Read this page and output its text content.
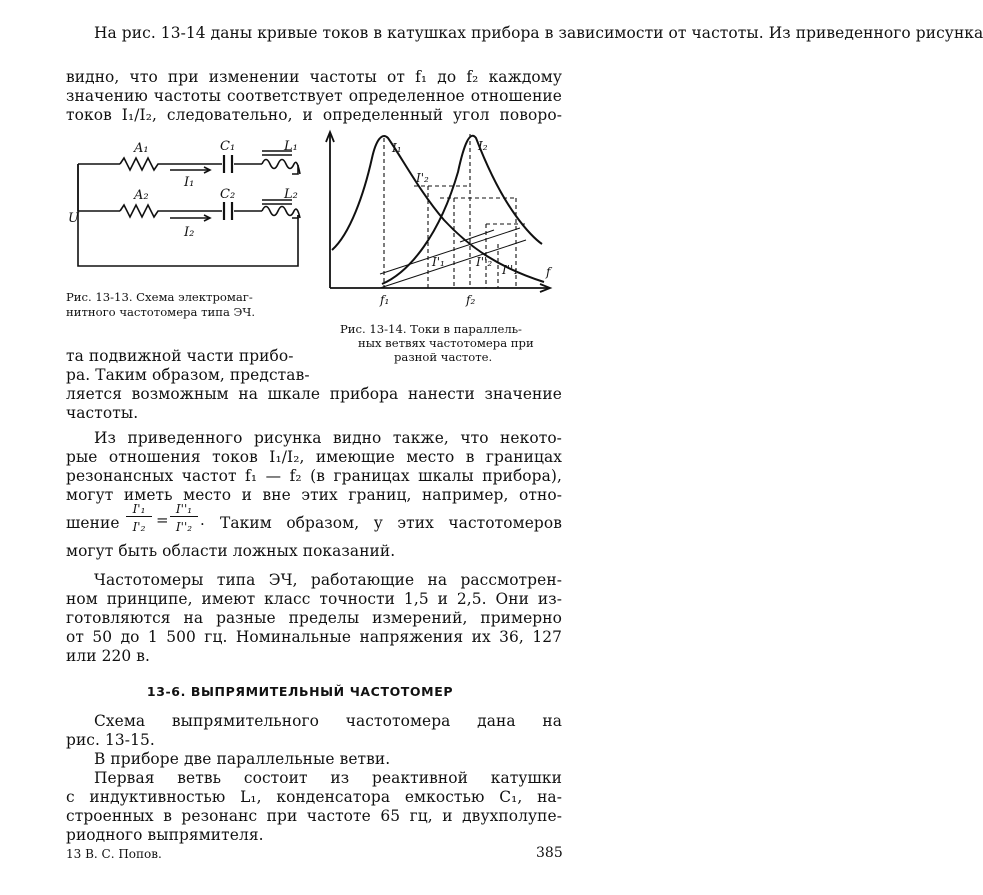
На рис. 13-14 даны кривые токов в катушках прибора в зависимости от частоты. Из приведенного рисунка
видно, что при изменении частоты от f₁ до f₂ каждому
значению частоты соответствует определенное отношение
токов I₁/I₂, следовательно, и определенный угол поворо-
A₁
A₂
C₁
C₂
L₁
L₂
I₁
I₂
U
Рис. 13-13. Схема электромаг-
нитного частотомера типа ЭЧ.
I₁	I₂
I'₂
I'₁	I''₂
I''₁ f
f₁	f₂
Рис. 13-14. Токи в параллель-
ных ветвях частотомера при
разной частоте.
та подвижной части прибо-
ра. Таким образом, представ-
ляется возможным на шкале прибора нанести значение
частоты.
Из приведенного рисунка видно также, что некото-
рые отношения токов I₁/I₂, имеющие место в границах
резонансных частот f₁ — f₂ (в границах шкалы прибора),
могут иметь место и вне этих границ, например, отно-
шение
I'₁
I'₂ =
I''₁
I''₂ . Таким образом, у этих частотомеров
могут быть области ложных показаний.
Частотомеры типа ЭЧ, работающие на рассмотрен-
ном принципе, имеют класс точности 1,5 и 2,5. Они из-
готовляются на разные пределы измерений, примерно
от 50 до 1 500 гц. Номинальные напряжения их 36, 127
или 220 в.
13-6. ВЫПРЯМИТЕЛЬНЫЙ ЧАСТОТОМЕР
Схема выпрямительного частотомера дана на
рис. 13-15.
В приборе две параллельные ветви.
Первая ветвь состоит из реактивной катушки
с индуктивностью L₁, конденсатора емкостью C₁, на-
строенных в резонанс при частоте 65 гц, и двухполупе-
риодного выпрямителя.
13 В. С. Попов.	385
